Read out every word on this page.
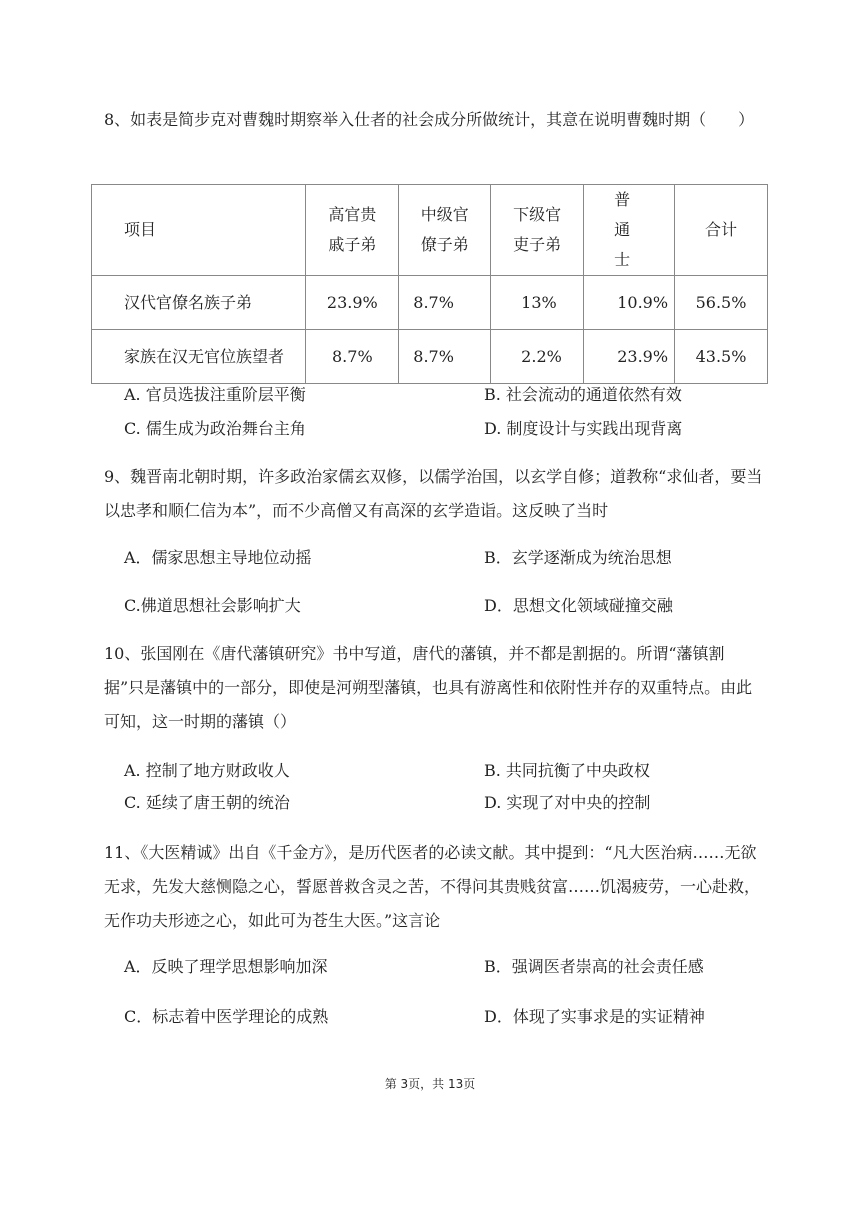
8、如表是简步克对曹魏时期察举入仕者的社会成分所做统计，其意在说明曹魏时期（　　）

项目	高官贵戚子弟	中级官僚子弟	下级官吏子弟	普通士	合计

汉代官僚名族子弟	23.9%	8.7%	13%	10.9%	56.5%

家族在汉无官位族望者	8.7%	8.7%	2.2%	23.9%	43.5%
A. 官员选拔注重阶层平衡	B. 社会流动的通道依然有效
C. 儒生成为政治舞台主角	D. 制度设计与实践出现背离

9、魏晋南北朝时期，许多政治家儒玄双修，以儒学治国，以玄学自修；道教称“求仙者，要当以忠孝和顺仁信为本”，而不少高僧又有高深的玄学造诣。这反映了当时

A．儒家思想主导地位动摇	B．玄学逐渐成为统治思想
C.佛道思想社会影响扩大	D．思想文化领域碰撞交融

10、张国刚在《唐代藩镇研究》书中写道，唐代的藩镇，并不都是割据的。所谓“藩镇割据”只是藩镇中的一部分，即使是河朔型藩镇，也具有游离性和依附性并存的双重特点。由此可知，这一时期的藩镇（）

A. 控制了地方财政收人	B. 共同抗衡了中央政权
C. 延续了唐王朝的统治	D. 实现了对中央的控制

11、《大医精诚》出自《千金方》，是历代医者的必读文献。其中提到：“凡大医治病……无欲无求，先发大慈恻隐之心，誓愿普救含灵之苦，不得问其贵贱贫富……饥渴疲劳，一心赴救，无作功夫形迹之心，如此可为苍生大医。”这言论

A．反映了理学思想影响加深	B．强调医者崇高的社会责任感
C．标志着中医学理论的成熟	D．体现了实事求是的实证精神
第 3页，共 13页
